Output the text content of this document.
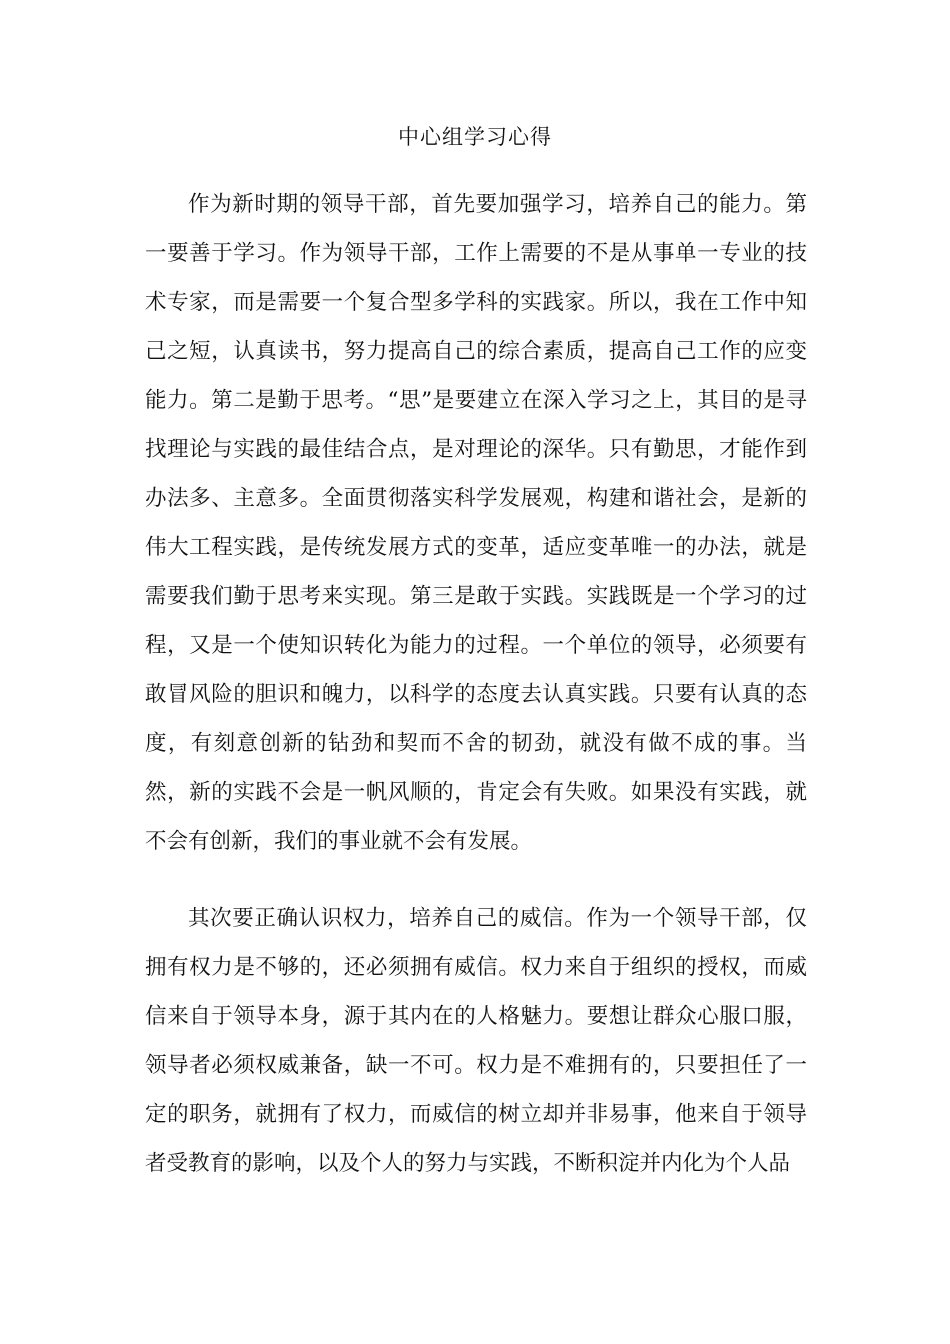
中心组学习心得

作为新时期的领导干部，首先要加强学习，培养自己的能力。第一要善于学习。作为领导干部，工作上需要的不是从事单一专业的技术专家，而是需要一个复合型多学科的实践家。所以，我在工作中知己之短，认真读书，努力提高自己的综合素质，提高自己工作的应变能力。第二是勤于思考。“思”是要建立在深入学习之上，其目的是寻找理论与实践的最佳结合点，是对理论的深华。只有勤思，才能作到办法多、主意多。全面贯彻落实科学发展观，构建和谐社会，是新的伟大工程实践，是传统发展方式的变革，适应变革唯一的办法，就是需要我们勤于思考来实现。第三是敢于实践。实践既是一个学习的过程，又是一个使知识转化为能力的过程。一个单位的领导，必须要有敢冒风险的胆识和魄力，以科学的态度去认真实践。只要有认真的态度，有刻意创新的钻劲和契而不舍的韧劲，就没有做不成的事。当然，新的实践不会是一帆风顺的，肯定会有失败。如果没有实践，就不会有创新，我们的事业就不会有发展。

其次要正确认识权力，培养自己的威信。作为一个领导干部，仅拥有权力是不够的，还必须拥有威信。权力来自于组织的授权，而威信来自于领导本身，源于其内在的人格魅力。要想让群众心服口服，领导者必须权威兼备，缺一不可。权力是不难拥有的，只要担任了一定的职务，就拥有了权力，而威信的树立却并非易事，他来自于领导者受教育的影响，以及个人的努力与实践，不断积淀并内化为个人品
